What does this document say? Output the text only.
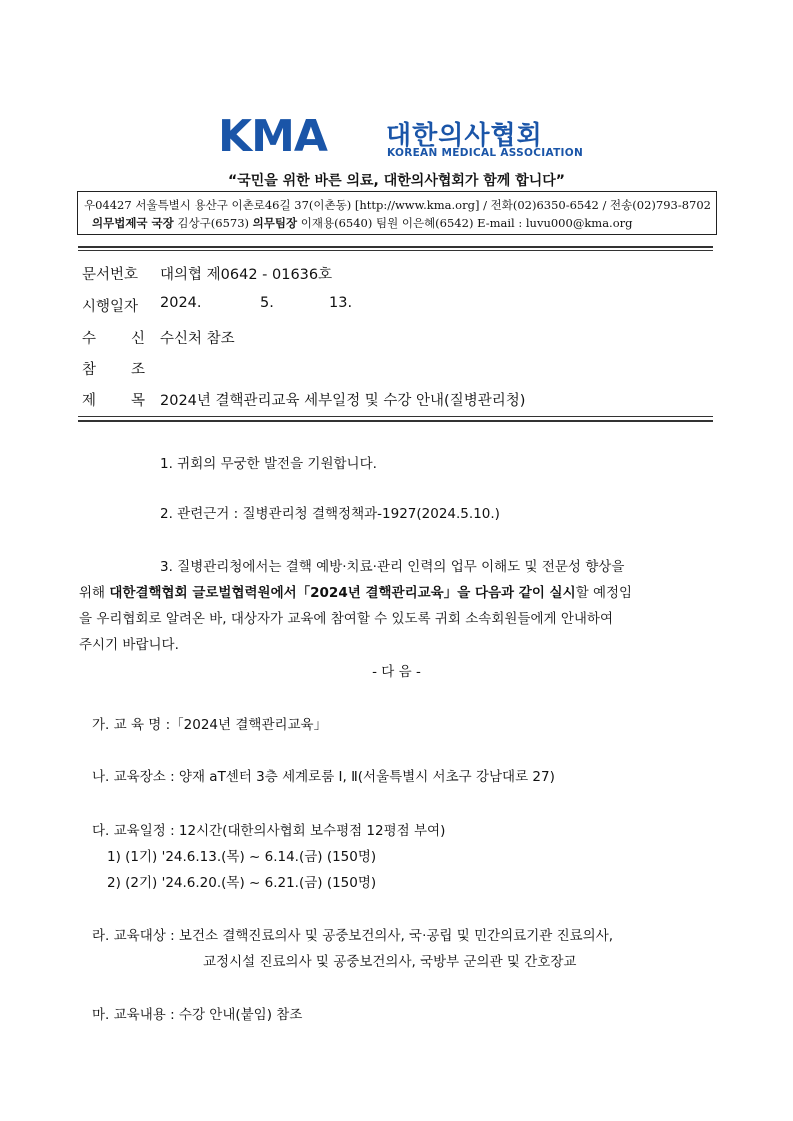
KMA 대한의사협회
KOREAN MEDICAL ASSOCIATION
“국민을 위한 바른 의료, 대한의사협회가 함께 합니다”
우04427 서울특별시 용산구 이촌로46길 37(이촌동) [http://www.kma.org] / 전화(02)6350-6542 / 전송(02)793-8702
의무법제국 국장 김상구(6573) 의무팀장 이재용(6540) 팀원 이은혜(6542) E-mail : luvu000@kma.org
문서번호 대의협 제0642 - 01636호
시행일자 2024.	5.	13.
수 신 수신처 참조
참 조
제 목 2024년 결핵관리교육 세부일정 및 수강 안내(질병관리청)
1. 귀회의 무궁한 발전을 기원합니다.
2. 관련근거 : 질병관리청 결핵정책과-1927(2024.5.10.)
3. 질병관리청에서는 결핵 예방·치료·관리 인력의 업무 이해도 및 전문성 향상을
위해 대한결핵협회 글로벌협력원에서「2024년 결핵관리교육」을 다음과 같이 실시할 예정임
을 우리협회로 알려온 바, 대상자가 교육에 참여할 수 있도록 귀회 소속회원들에게 안내하여
주시기 바랍니다.
- 다 음 -
가. 교 육 명 :「2024년 결핵관리교육」
나. 교육장소 : 양재 aT센터 3층 세계로룸 Ⅰ, Ⅱ(서울특별시 서초구 강남대로 27)
다. 교육일정 : 12시간(대한의사협회 보수평점 12평점 부여)
1) (1기) '24.6.13.(목) ~ 6.14.(금) (150명)
2) (2기) '24.6.20.(목) ~ 6.21.(금) (150명)
라. 교육대상 : 보건소 결핵진료의사 및 공중보건의사, 국·공립 및 민간의료기관 진료의사,
교정시설 진료의사 및 공중보건의사, 국방부 군의관 및 간호장교
마. 교육내용 : 수강 안내(붙임) 참조
